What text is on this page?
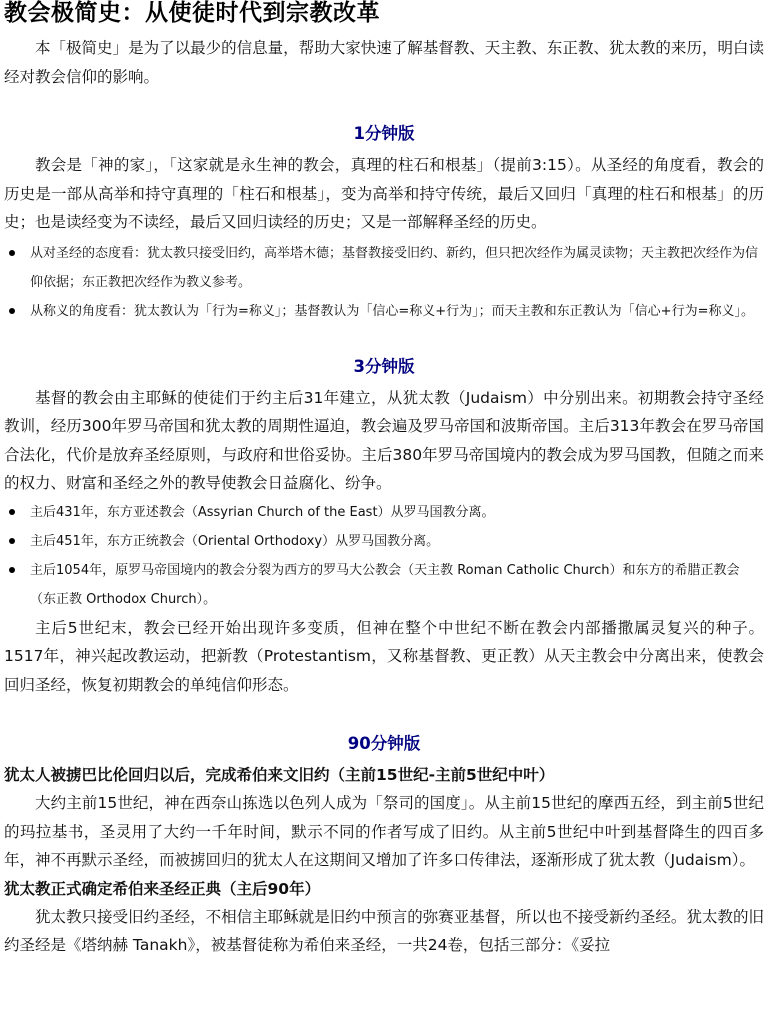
教会极简史：从使徒时代到宗教改革

本「极简史」是为了以最少的信息量，帮助大家快速了解基督教、天主教、东正教、犹太教的来历，明白读经对教会信仰的影响。

1分钟版

教会是「神的家」，「这家就是永生神的教会，真理的柱石和根基」（提前3:15）。从圣经的角度看，教会的历史是一部从高举和持守真理的「柱石和根基」，变为高举和持守传统，最后又回归「真理的柱石和根基」的历史；也是读经变为不读经，最后又回归读经的历史；又是一部解释圣经的历史。

从对圣经的态度看：犹太教只接受旧约，高举塔木德；基督教接受旧约、新约，但只把次经作为属灵读物；天主教把次经作为信仰依据；东正教把次经作为教义参考。
从称义的角度看：犹太教认为「行为=称义」；基督教认为「信心=称义+行为」；而天主教和东正教认为「信心+行为=称义」。
3分钟版

基督的教会由主耶稣的使徒们于约主后31年建立，从犹太教（Judaism）中分别出来。初期教会持守圣经教训，经历300年罗马帝国和犹太教的周期性逼迫，教会遍及罗马帝国和波斯帝国。主后313年教会在罗马帝国合法化，代价是放弃圣经原则，与政府和世俗妥协。主后380年罗马帝国境内的教会成为罗马国教，但随之而来的权力、财富和圣经之外的教导使教会日益腐化、纷争。

主后431年，东方亚述教会（Assyrian Church of the East）从罗马国教分离。
主后451年，东方正统教会（Oriental Orthodoxy）从罗马国教分离。
主后1054年，原罗马帝国境内的教会分裂为西方的罗马大公教会（天主教 Roman Catholic Church）和东方的希腊正教会（东正教 Orthodox Church）。

主后5世纪末，教会已经开始出现许多变质，但神在整个中世纪不断在教会内部播撒属灵复兴的种子。1517年，神兴起改教运动，把新教（Protestantism，又称基督教、更正教）从天主教会中分离出来，使教会回归圣经，恢复初期教会的单纯信仰形态。

90分钟版
犹太人被掳巴比伦回归以后，完成希伯来文旧约（主前15世纪-主前5世纪中叶）

大约主前15世纪，神在西奈山拣选以色列人成为「祭司的国度」。从主前15世纪的摩西五经，到主前5世纪的玛拉基书，圣灵用了大约一千年时间，默示不同的作者写成了旧约。从主前5世纪中叶到基督降生的四百多年，神不再默示圣经，而被掳回归的犹太人在这期间又增加了许多口传律法，逐渐形成了犹太教（Judaism）。

犹太教正式确定希伯来圣经正典（主后90年）

犹太教只接受旧约圣经，不相信主耶稣就是旧约中预言的弥赛亚基督，所以也不接受新约圣经。犹太教的旧约圣经是《塔纳赫 Tanakh》，被基督徒称为希伯来圣经，一共24卷，包括三部分：《妥拉
